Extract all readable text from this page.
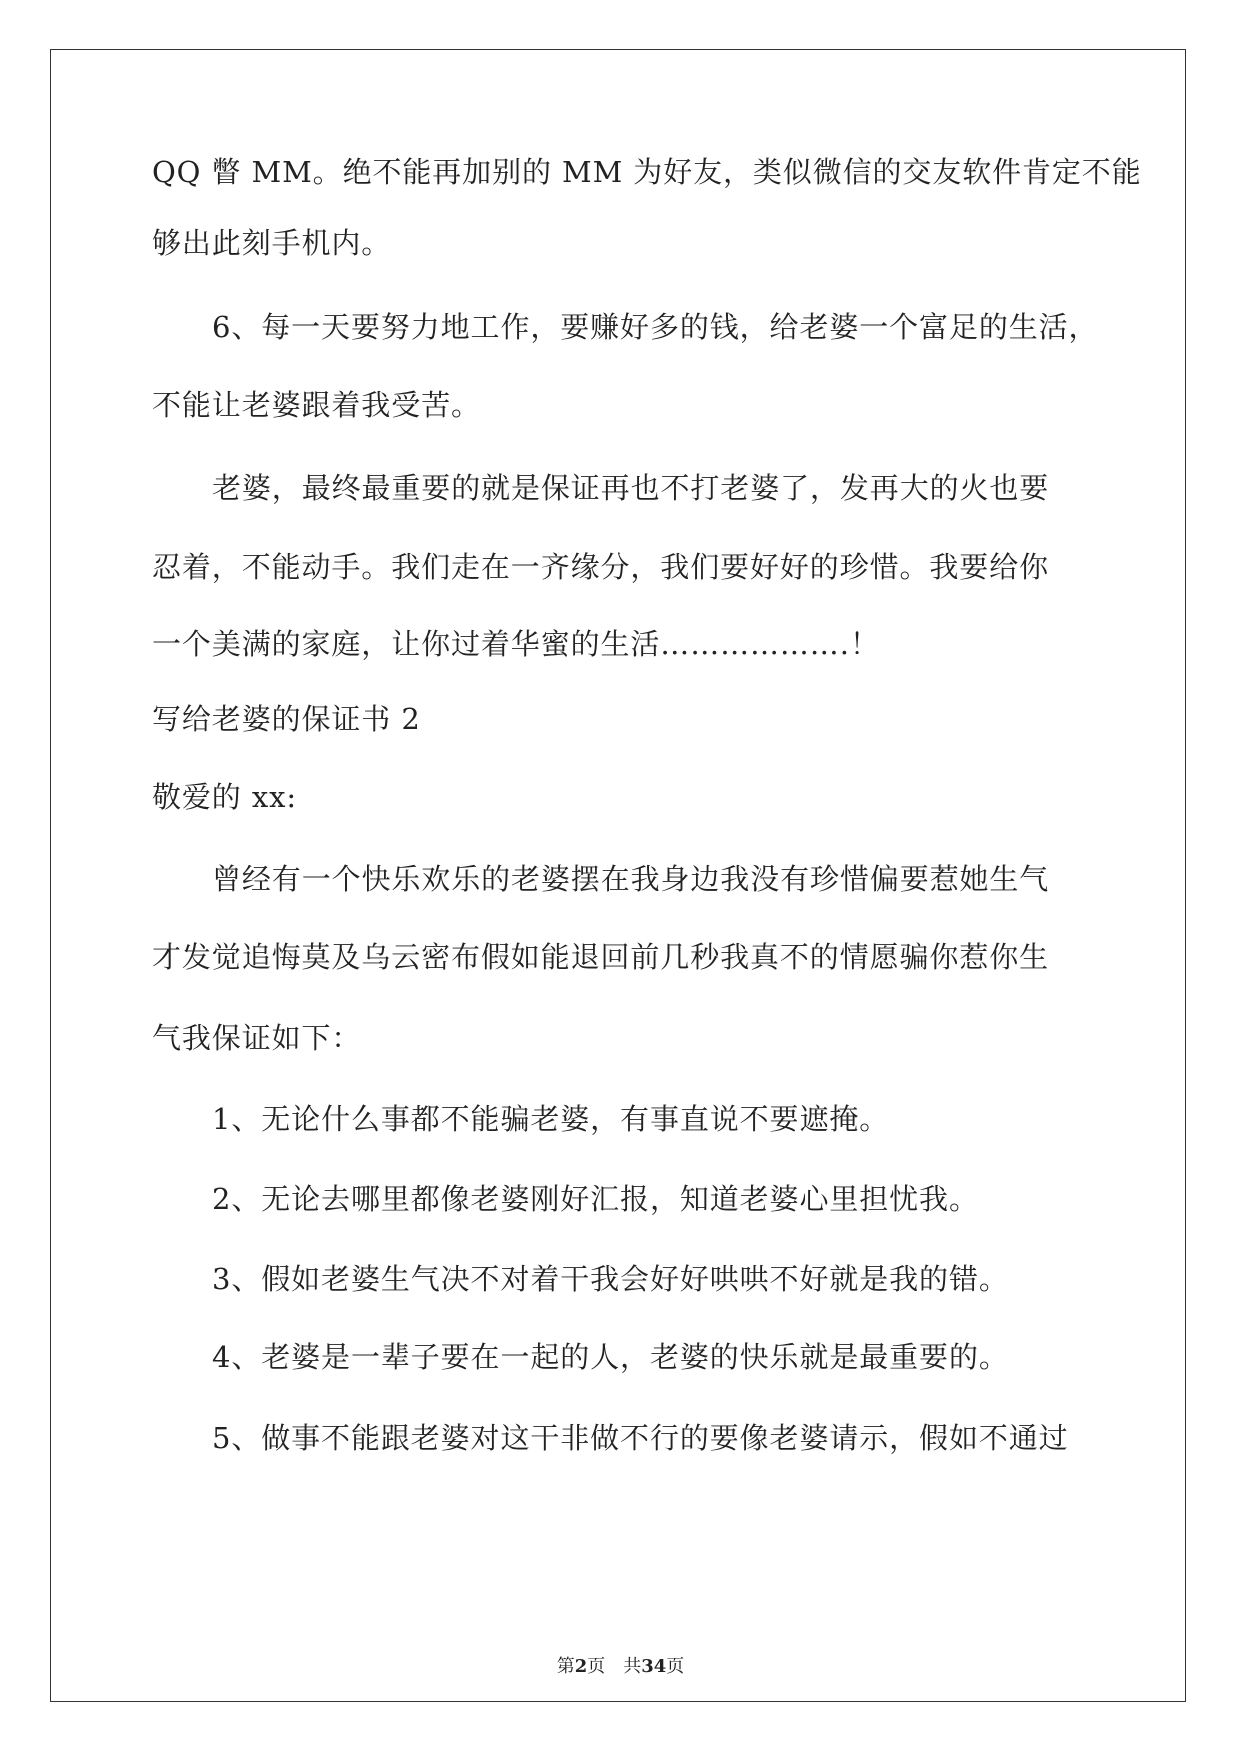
QQ 瞥 MM。绝不能再加别的 MM 为好友，类似微信的交友软件肯定不能
够出此刻手机内。
6、每一天要努力地工作，要赚好多的钱，给老婆一个富足的生活，
不能让老婆跟着我受苦。
老婆，最终最重要的就是保证再也不打老婆了，发再大的火也要
忍着，不能动手。我们走在一齐缘分，我们要好好的珍惜。我要给你
一个美满的家庭，让你过着华蜜的生活……………….！
写给老婆的保证书 2
敬爱的 xx:
曾经有一个快乐欢乐的老婆摆在我身边我没有珍惜偏要惹她生气
才发觉追悔莫及乌云密布假如能退回前几秒我真不的情愿骗你惹你生
气我保证如下：
1、无论什么事都不能骗老婆，有事直说不要遮掩。
2、无论去哪里都像老婆刚好汇报，知道老婆心里担忧我。
3、假如老婆生气决不对着干我会好好哄哄不好就是我的错。
4、老婆是一辈子要在一起的人，老婆的快乐就是最重要的。
5、做事不能跟老婆对这干非做不行的要像老婆请示，假如不通过
第2页　共34页
